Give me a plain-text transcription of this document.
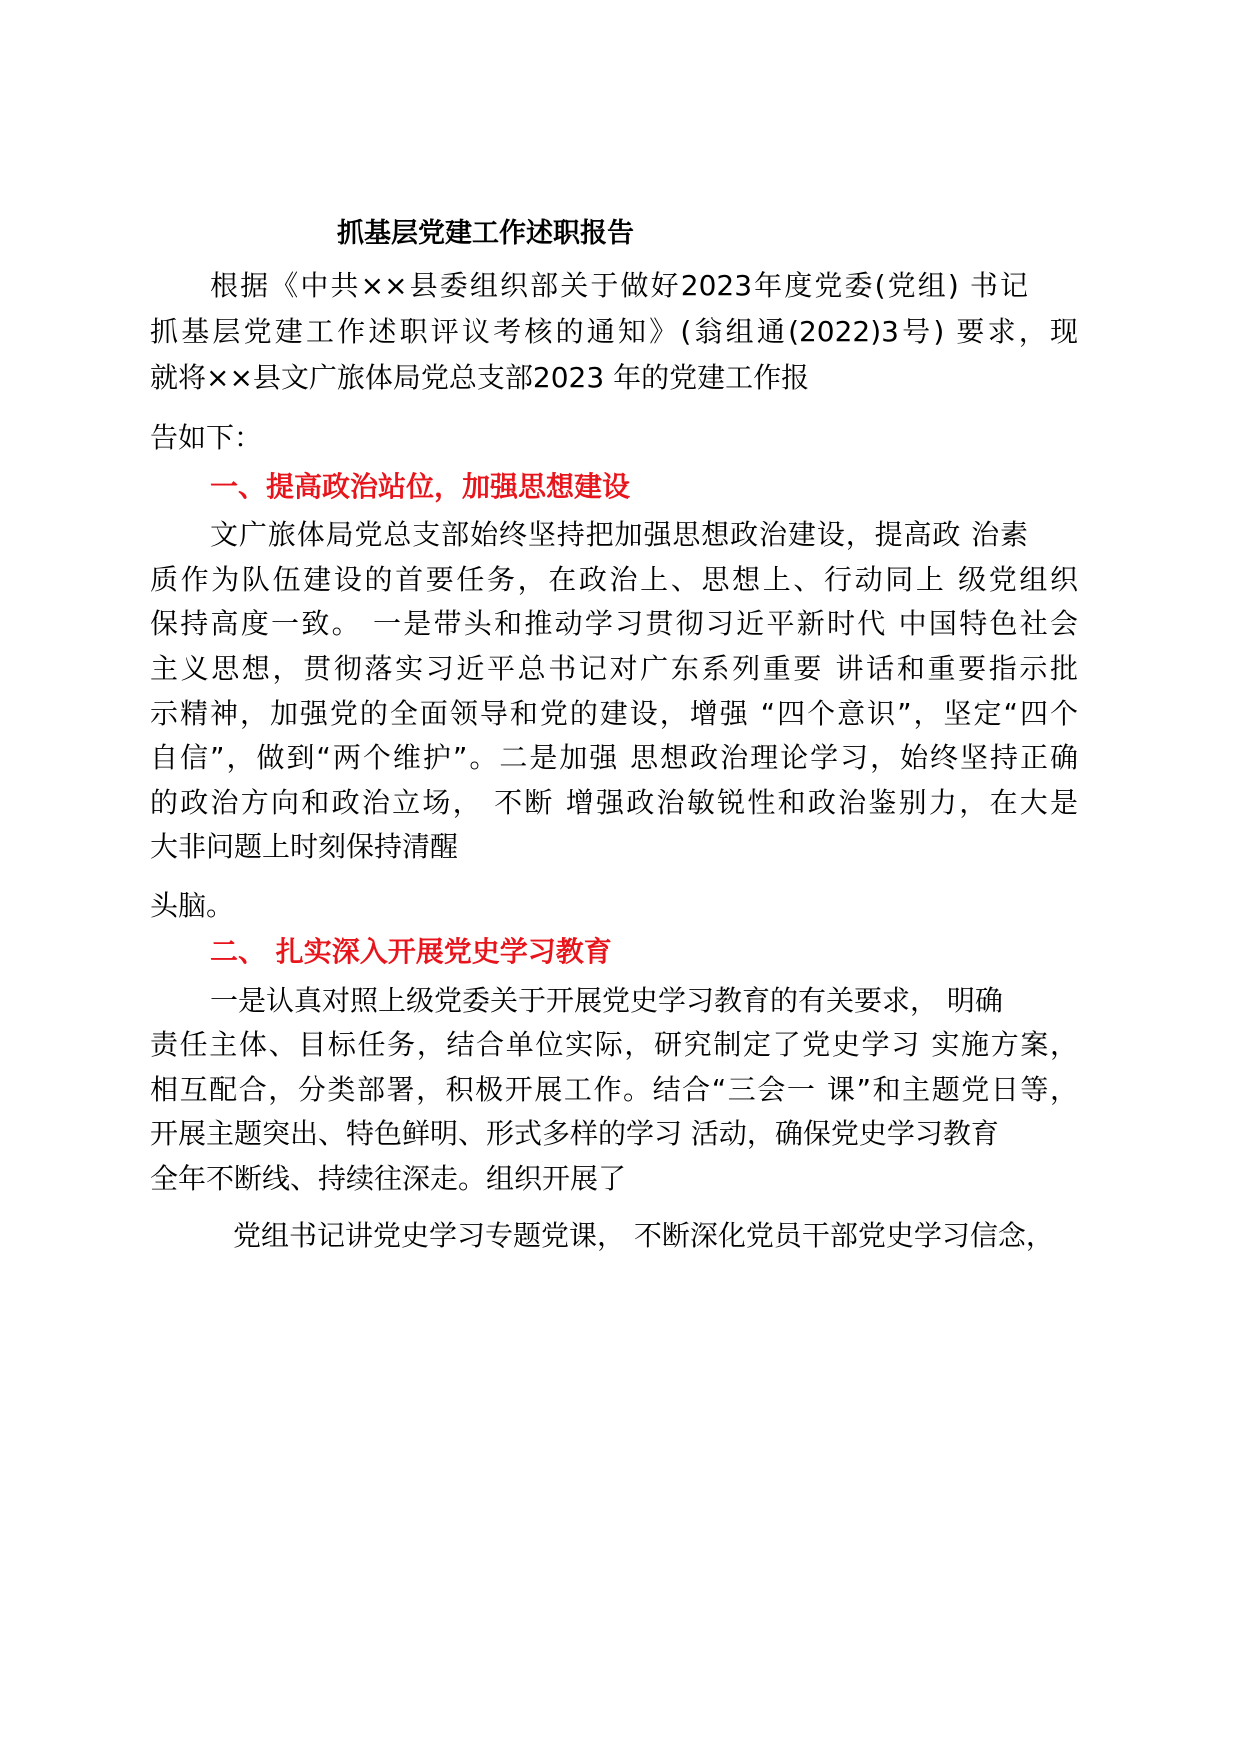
抓基层党建工作述职报告
根据《中共××县委组织部关于做好2023年度党委(党组) 书记
抓基层党建工作述职评议考核的通知》(翁组通(2022)3号) 要求，现
就将××县文广旅体局党总支部2023 年的党建工作报
告如下：
一、提高政治站位，加强思想建设
文广旅体局党总支部始终坚持把加强思想政治建设，提高政 治素
质作为队伍建设的首要任务，在政治上、思想上、行动同上 级党组织
保持高度一致。 一是带头和推动学习贯彻习近平新时代 中国特色社会
主义思想，贯彻落实习近平总书记对广东系列重要 讲话和重要指示批
示精神，加强党的全面领导和党的建设，增强 “四个意识”，坚定“四个
自信”，做到“两个维护”。二是加强 思想政治理论学习，始终坚持正确
的政治方向和政治立场， 不断 增强政治敏锐性和政治鉴别力，在大是
大非问题上时刻保持清醒
头脑。
二、 扎实深入开展党史学习教育
一是认真对照上级党委关于开展党史学习教育的有关要求， 明确
责任主体、目标任务，结合单位实际，研究制定了党史学习 实施方案，
相互配合，分类部署，积极开展工作。结合“三会一 课”和主题党日等，
开展主题突出、特色鲜明、形式多样的学习 活动，确保党史学习教育
全年不断线、持续往深走。组织开展了
党组书记讲党史学习专题党课， 不断深化党员干部党史学习信念，
